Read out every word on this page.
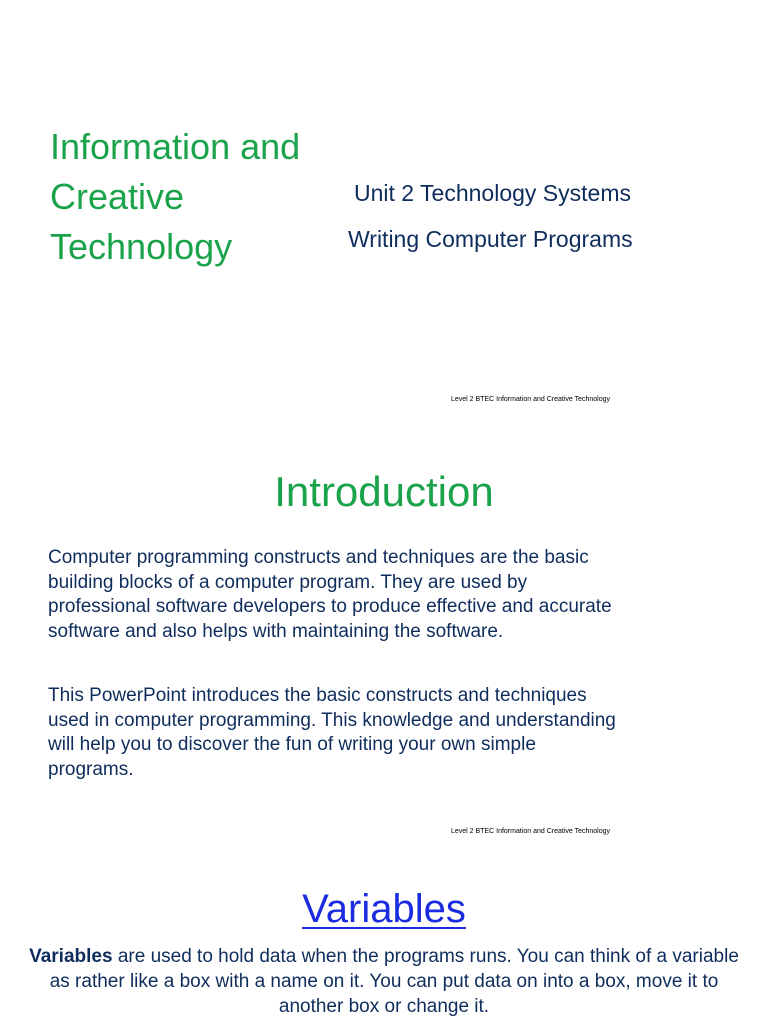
Information and Creative Technology

Unit 2 Technology Systems

Writing Computer Programs

Level 2 BTEC Information and Creative Technology
Introduction

Computer programming constructs and techniques are the basic
building blocks of a computer program. They are used by
professional software developers to produce effective and accurate
software and also helps with maintaining the software.

This PowerPoint introduces the basic constructs and techniques
used in computer programming. This knowledge and understanding
will help you to discover the fun of writing your own simple
programs.

Level 2 BTEC Information and Creative Technology
Variables

Variables are used to hold data when the programs runs. You can think of a variable as rather like a box with a name on it. You can put data on into a box, move it to another box or change it.
